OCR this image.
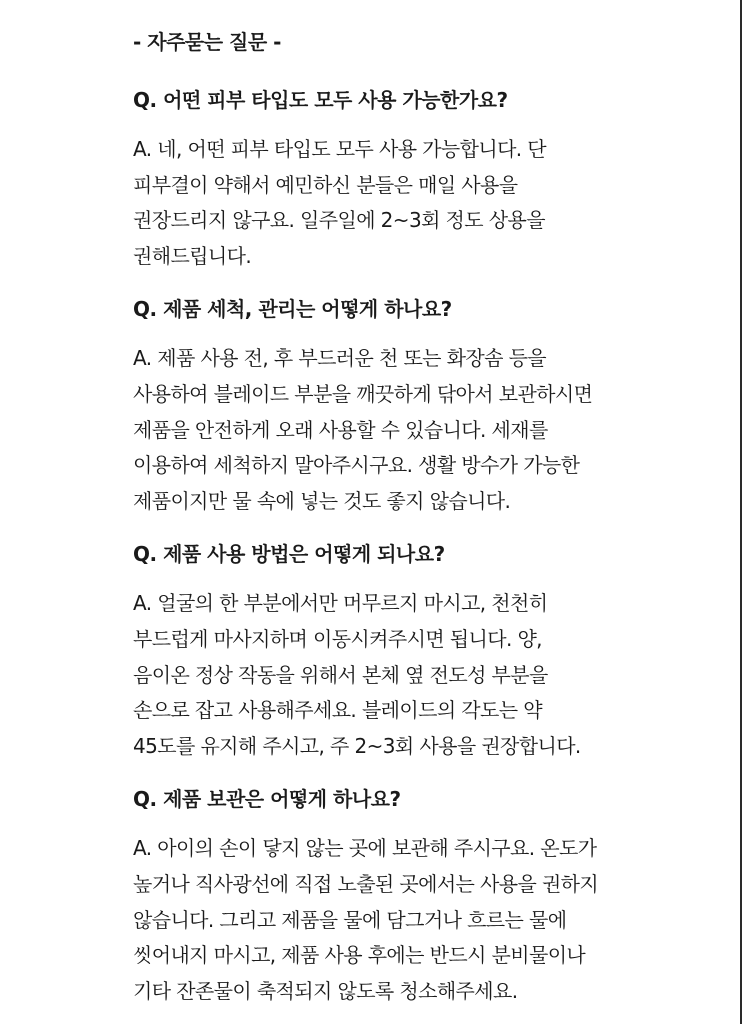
- 자주묻는 질문 -
Q. 어떤 피부 타입도 모두 사용 가능한가요?
A. 네, 어떤 피부 타입도 모두 사용 가능합니다. 단
피부결이 약해서 예민하신 분들은 매일 사용을
권장드리지 않구요. 일주일에 2~3회 정도 상용을
권해드립니다.
Q. 제품 세척, 관리는 어떻게 하나요?
A. 제품 사용 전, 후 부드러운 천 또는 화장솜 등을
사용하여 블레이드 부분을 깨끗하게 닦아서 보관하시면
제품을 안전하게 오래 사용할 수 있습니다. 세재를
이용하여 세척하지 말아주시구요. 생활 방수가 가능한
제품이지만 물 속에 넣는 것도 좋지 않습니다.
Q. 제품 사용 방법은 어떻게 되나요?
A. 얼굴의 한 부분에서만 머무르지 마시고, 천천히
부드럽게 마사지하며 이동시켜주시면 됩니다. 양,
음이온 정상 작동을 위해서 본체 옆 전도성 부분을
손으로 잡고 사용해주세요. 블레이드의 각도는 약
45도를 유지해 주시고, 주 2~3회 사용을 권장합니다.
Q. 제품 보관은 어떻게 하나요?
A. 아이의 손이 닿지 않는 곳에 보관해 주시구요. 온도가
높거나 직사광선에 직접 노출된 곳에서는 사용을 권하지
않습니다. 그리고 제품을 물에 담그거나 흐르는 물에
씻어내지 마시고, 제품 사용 후에는 반드시 분비물이나
기타 잔존물이 축적되지 않도록 청소해주세요.
